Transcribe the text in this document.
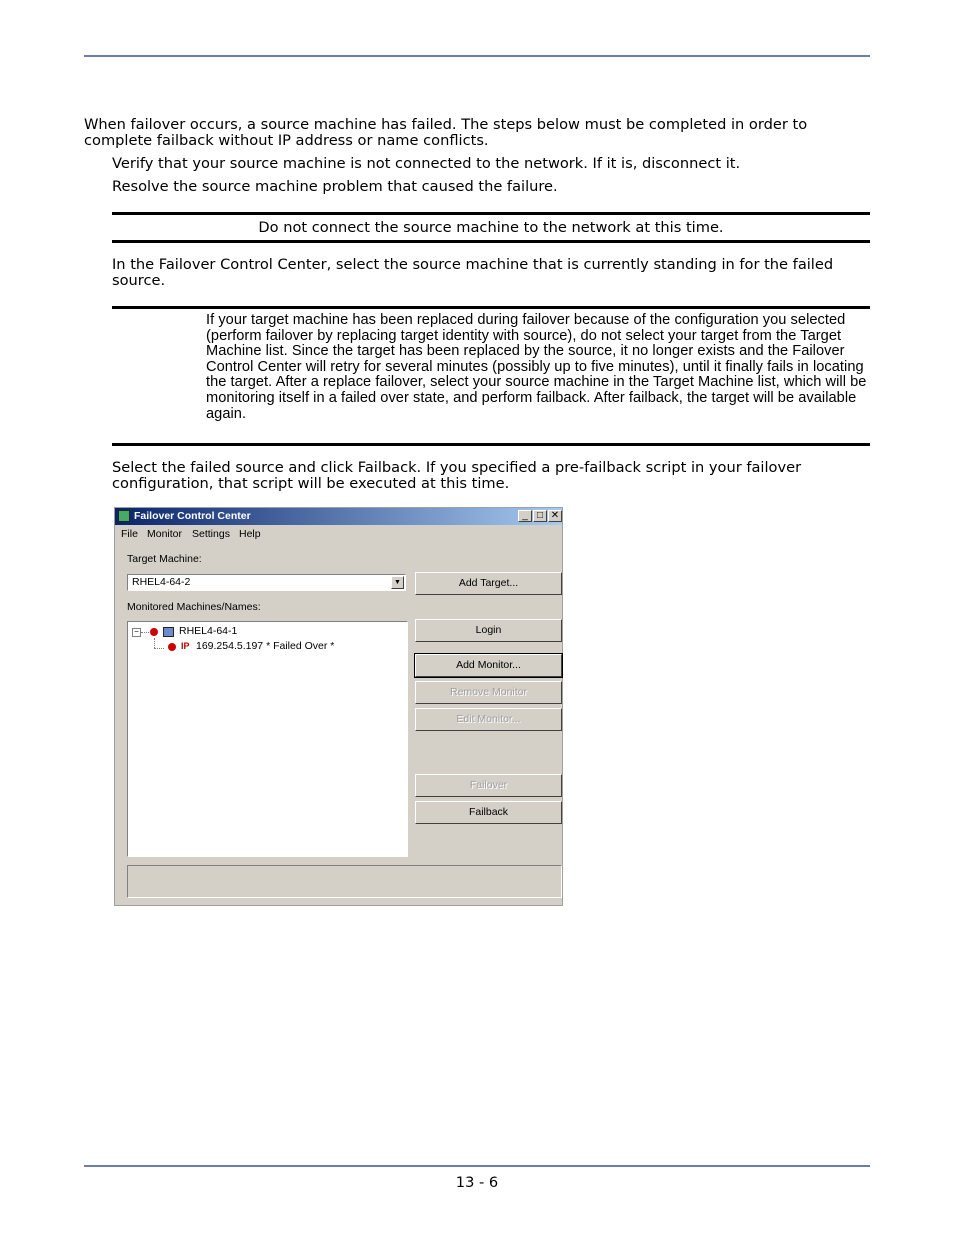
When failover occurs, a source machine has failed. The steps below must be completed in order to complete failback without IP address or name conflicts.
Verify that your source machine is not connected to the network. If it is, disconnect it.
Resolve the source machine problem that caused the failure.
Do not connect the source machine to the network at this time.
In the Failover Control Center, select the source machine that is currently standing in for the failed source.
If your target machine has been replaced during failover because of the configuration you selected (perform failover by replacing target identity with source), do not select your target from the Target Machine list. Since the target has been replaced by the source, it no longer exists and the Failover Control Center will retry for several minutes (possibly up to five minutes), until it finally fails in locating the target. After a replace failover, select your source machine in the Target Machine list, which will be monitoring itself in a failed over state, and perform failback. After failback, the target will be available again.
Select the failed source and click Failback. If you specified a pre-failback script in your failover configuration, that script will be executed at this time.
Failover Control Center	_ □ ✕
File Monitor Settings Help
Target Machine:
RHEL4-64-2	▼
Monitored Machines/Names:
−	RHEL4-64-1
IP 169.254.5.197 * Failed Over *
Add Target...
Login
Add Monitor...
Remove Monitor
Edit Monitor...
Failover
Failback
13 - 6
